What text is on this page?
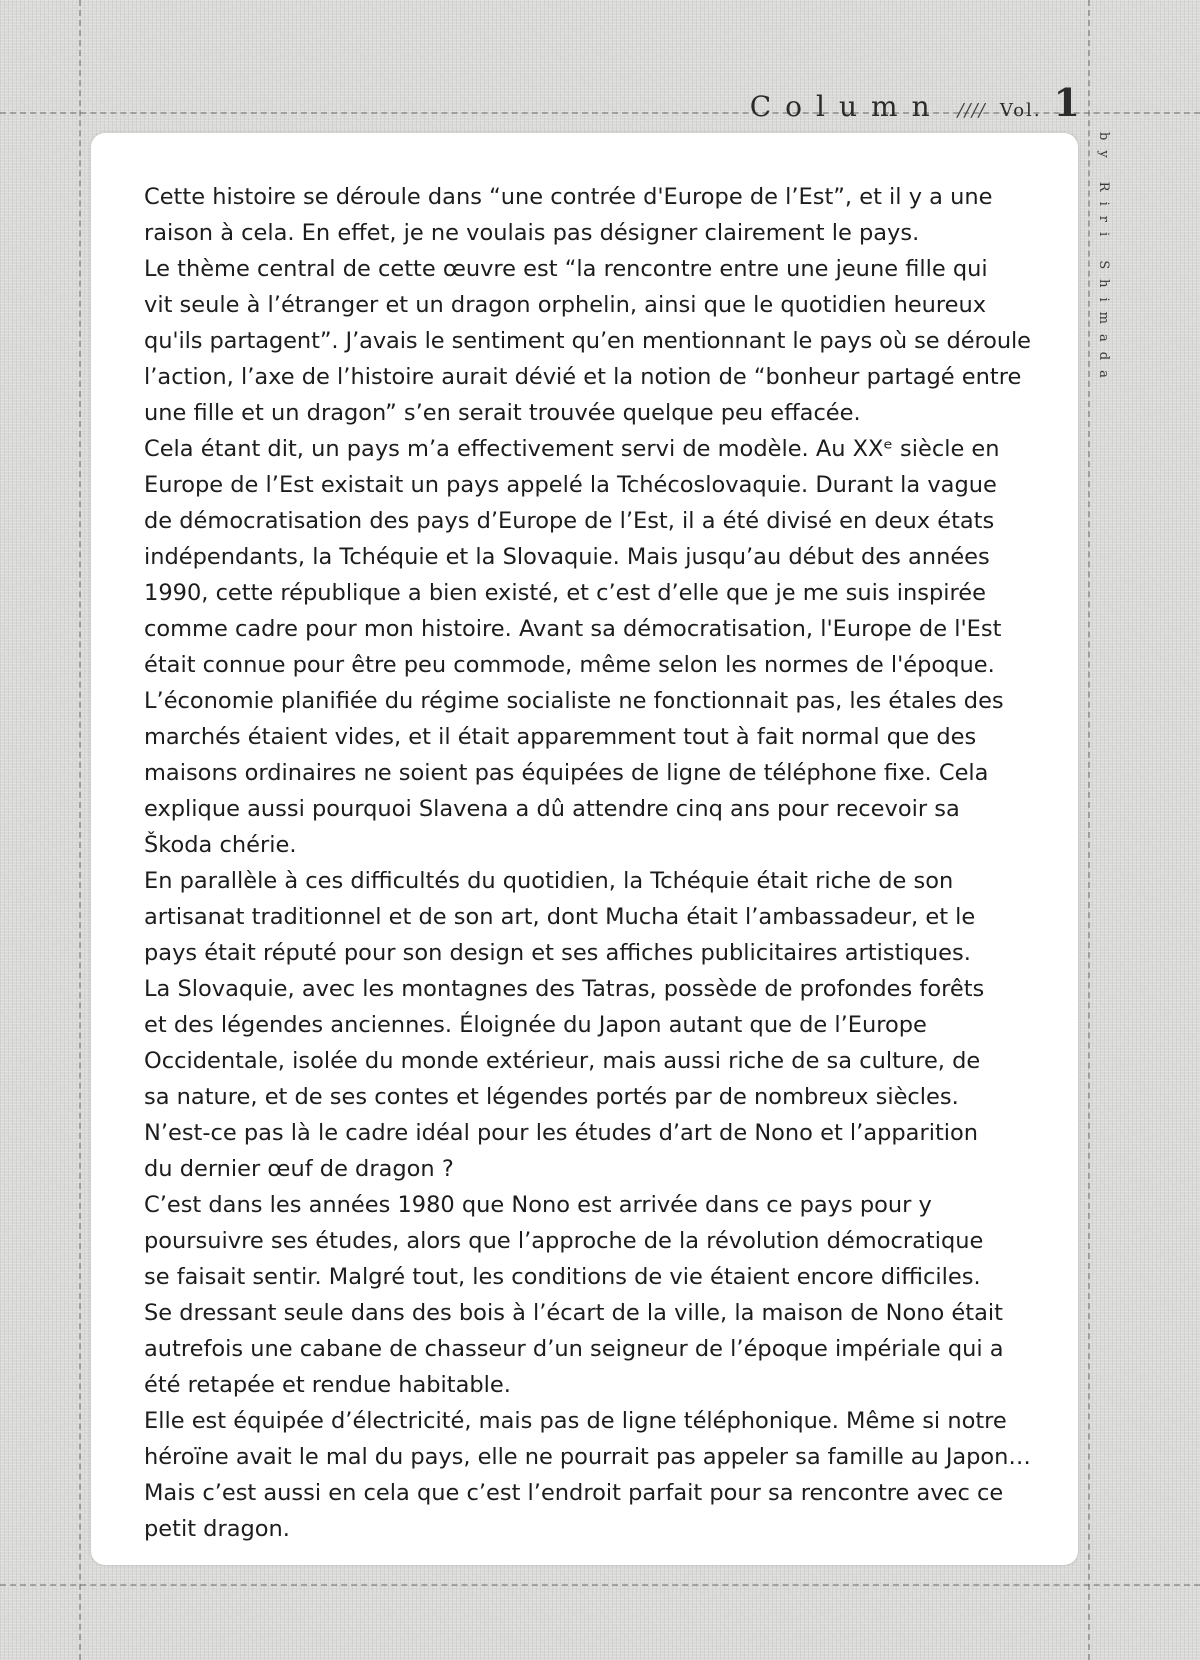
Column //// Vol. 1
by Riri Shimada

Cette histoire se déroule dans “une contrée d'Europe de l’Est”, et il y a une
raison à cela. En effet, je ne voulais pas désigner clairement le pays.

Le thème central de cette œuvre est “la rencontre entre une jeune fille qui
vit seule à l’étranger et un dragon orphelin, ainsi que le quotidien heureux
qu'ils partagent”. J’avais le sentiment qu’en mentionnant le pays où se déroule
l’action, l’axe de l’histoire aurait dévié et la notion de “bonheur partagé entre
une fille et un dragon” s’en serait trouvée quelque peu effacée.

Cela étant dit, un pays m’a effectivement servi de modèle. Au XXᵉ siècle en
Europe de l’Est existait un pays appelé la Tchécoslovaquie. Durant la vague
de démocratisation des pays d’Europe de l’Est, il a été divisé en deux états
indépendants, la Tchéquie et la Slovaquie. Mais jusqu’au début des années
1990, cette république a bien existé, et c’est d’elle que je me suis inspirée
comme cadre pour mon histoire. Avant sa démocratisation, l'Europe de l'Est
était connue pour être peu commode, même selon les normes de l'époque.
L’économie planifiée du régime socialiste ne fonctionnait pas, les étales des
marchés étaient vides, et il était apparemment tout à fait normal que des
maisons ordinaires ne soient pas équipées de ligne de téléphone fixe. Cela
explique aussi pourquoi Slavena a dû attendre cinq ans pour recevoir sa
Škoda chérie.

En parallèle à ces difficultés du quotidien, la Tchéquie était riche de son
artisanat traditionnel et de son art, dont Mucha était l’ambassadeur, et le
pays était réputé pour son design et ses affiches publicitaires artistiques.
La Slovaquie, avec les montagnes des Tatras, possède de profondes forêts
et des légendes anciennes. Éloignée du Japon autant que de l’Europe
Occidentale, isolée du monde extérieur, mais aussi riche de sa culture, de
sa nature, et de ses contes et légendes portés par de nombreux siècles.
N’est-ce pas là le cadre idéal pour les études d’art de Nono et l’apparition
du dernier œuf de dragon ?

C’est dans les années 1980 que Nono est arrivée dans ce pays pour y
poursuivre ses études, alors que l’approche de la révolution démocratique
se faisait sentir. Malgré tout, les conditions de vie étaient encore difficiles.

Se dressant seule dans des bois à l’écart de la ville, la maison de Nono était
autrefois une cabane de chasseur d’un seigneur de l’époque impériale qui a
été retapée et rendue habitable.

Elle est équipée d’électricité, mais pas de ligne téléphonique. Même si notre
héroïne avait le mal du pays, elle ne pourrait pas appeler sa famille au Japon…
Mais c’est aussi en cela que c’est l’endroit parfait pour sa rencontre avec ce
petit dragon.
